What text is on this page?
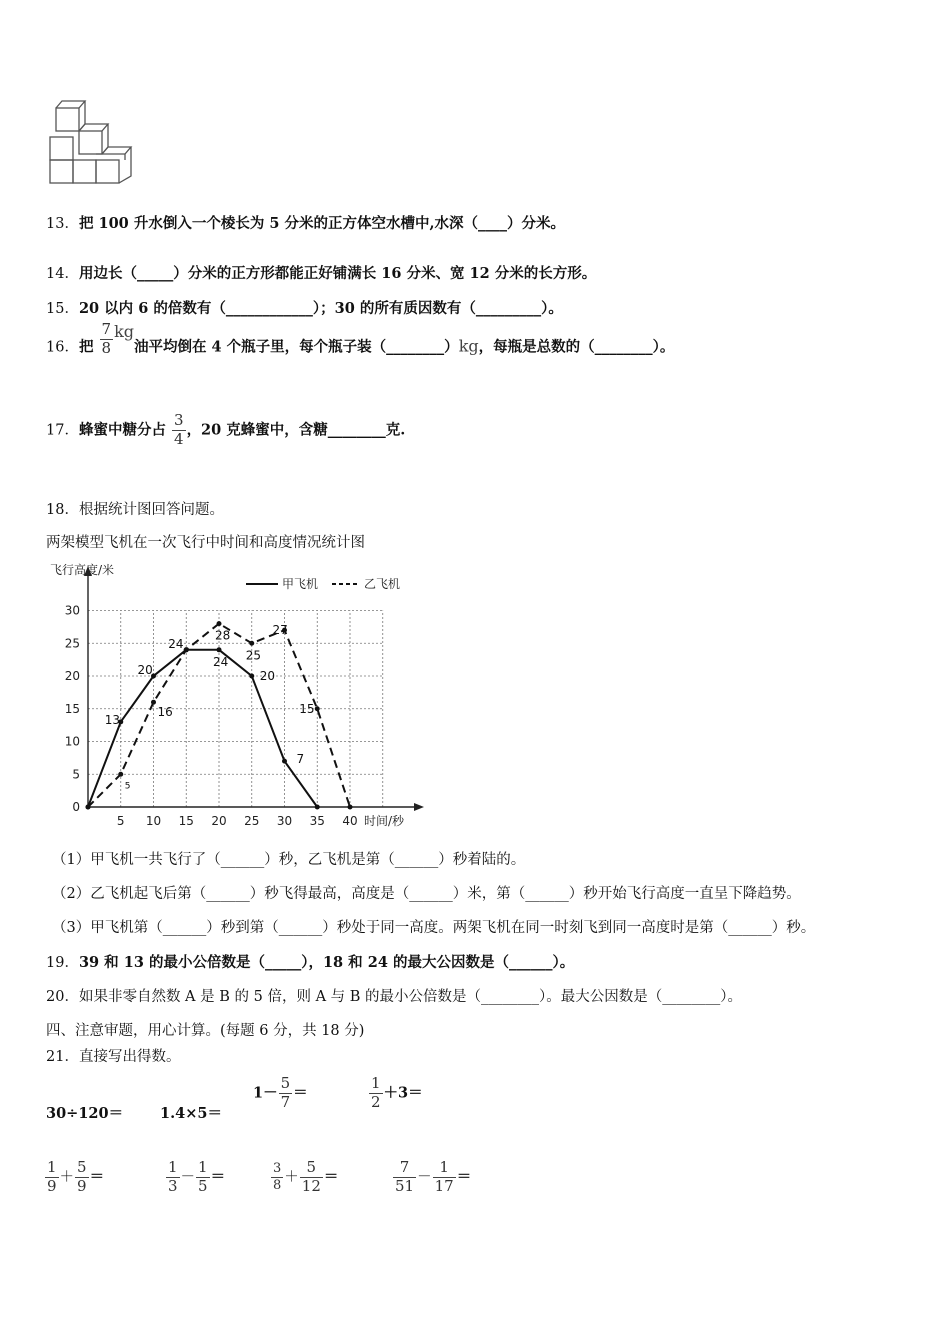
13．把 100 升水倒入一个棱长为 5 分米的正方体空水槽中,水深（____）分米。
14．用边长（_____）分米的正方形都能正好铺满长 16 分米、宽 12 分米的长方形。
15．20 以内 6 的倍数有（____________）；30 的所有质因数有（_________）。
16．把 $\frac{7}{8}$ kg油平均倒在 4 个瓶子里，每个瓶子装（________）kg，每瓶是总数的（________）。
17．蜂蜜中糖分占 $\frac{3}{4}$ ，20 克蜂蜜中，含糖________克.
18．根据统计图回答问题。
两架模型飞机在一次飞行中时间和高度情况统计图
飞行高度/米
时间/秒
0
5
10
15
20
25
30
5 10 15 20 25 30 35 40
甲飞机	乙飞机
13
20
24
24
20
7
5
16
28
25
27
15
（1）甲飞机一共飞行了（______）秒，乙飞机是第（______）秒着陆的。
（2）乙飞机起飞后第（______）秒飞得最高，高度是（______）米，第（______）秒开始飞行高度一直呈下降趋势。
（3）甲飞机第（______）秒到第（______）秒处于同一高度。两架飞机在同一时刻飞到同一高度时是第（______）秒。
19．39 和 13 的最小公倍数是（_____），18 和 24 的最大公因数是（______）。
20．如果非零自然数 A 是 B 的 5 倍，则 A 与 B 的最小公倍数是（________）。最大公因数是（________）。
四、注意审题，用心计算。(每题 6 分，共 18 分)
21．直接写出得数。
30÷120＝	1.4×5＝
$1- \frac{5}{7}$ ＝	$\frac{1}{2} +3=$
$\frac{1}{9} + \frac{5}{9}$ ＝	$\frac{1}{3} - \frac{1}{5}$ ＝	$\frac{3}{8} + \frac{5}{12}$ ＝	$\frac{7}{51} - \frac{1}{17}$ ＝
